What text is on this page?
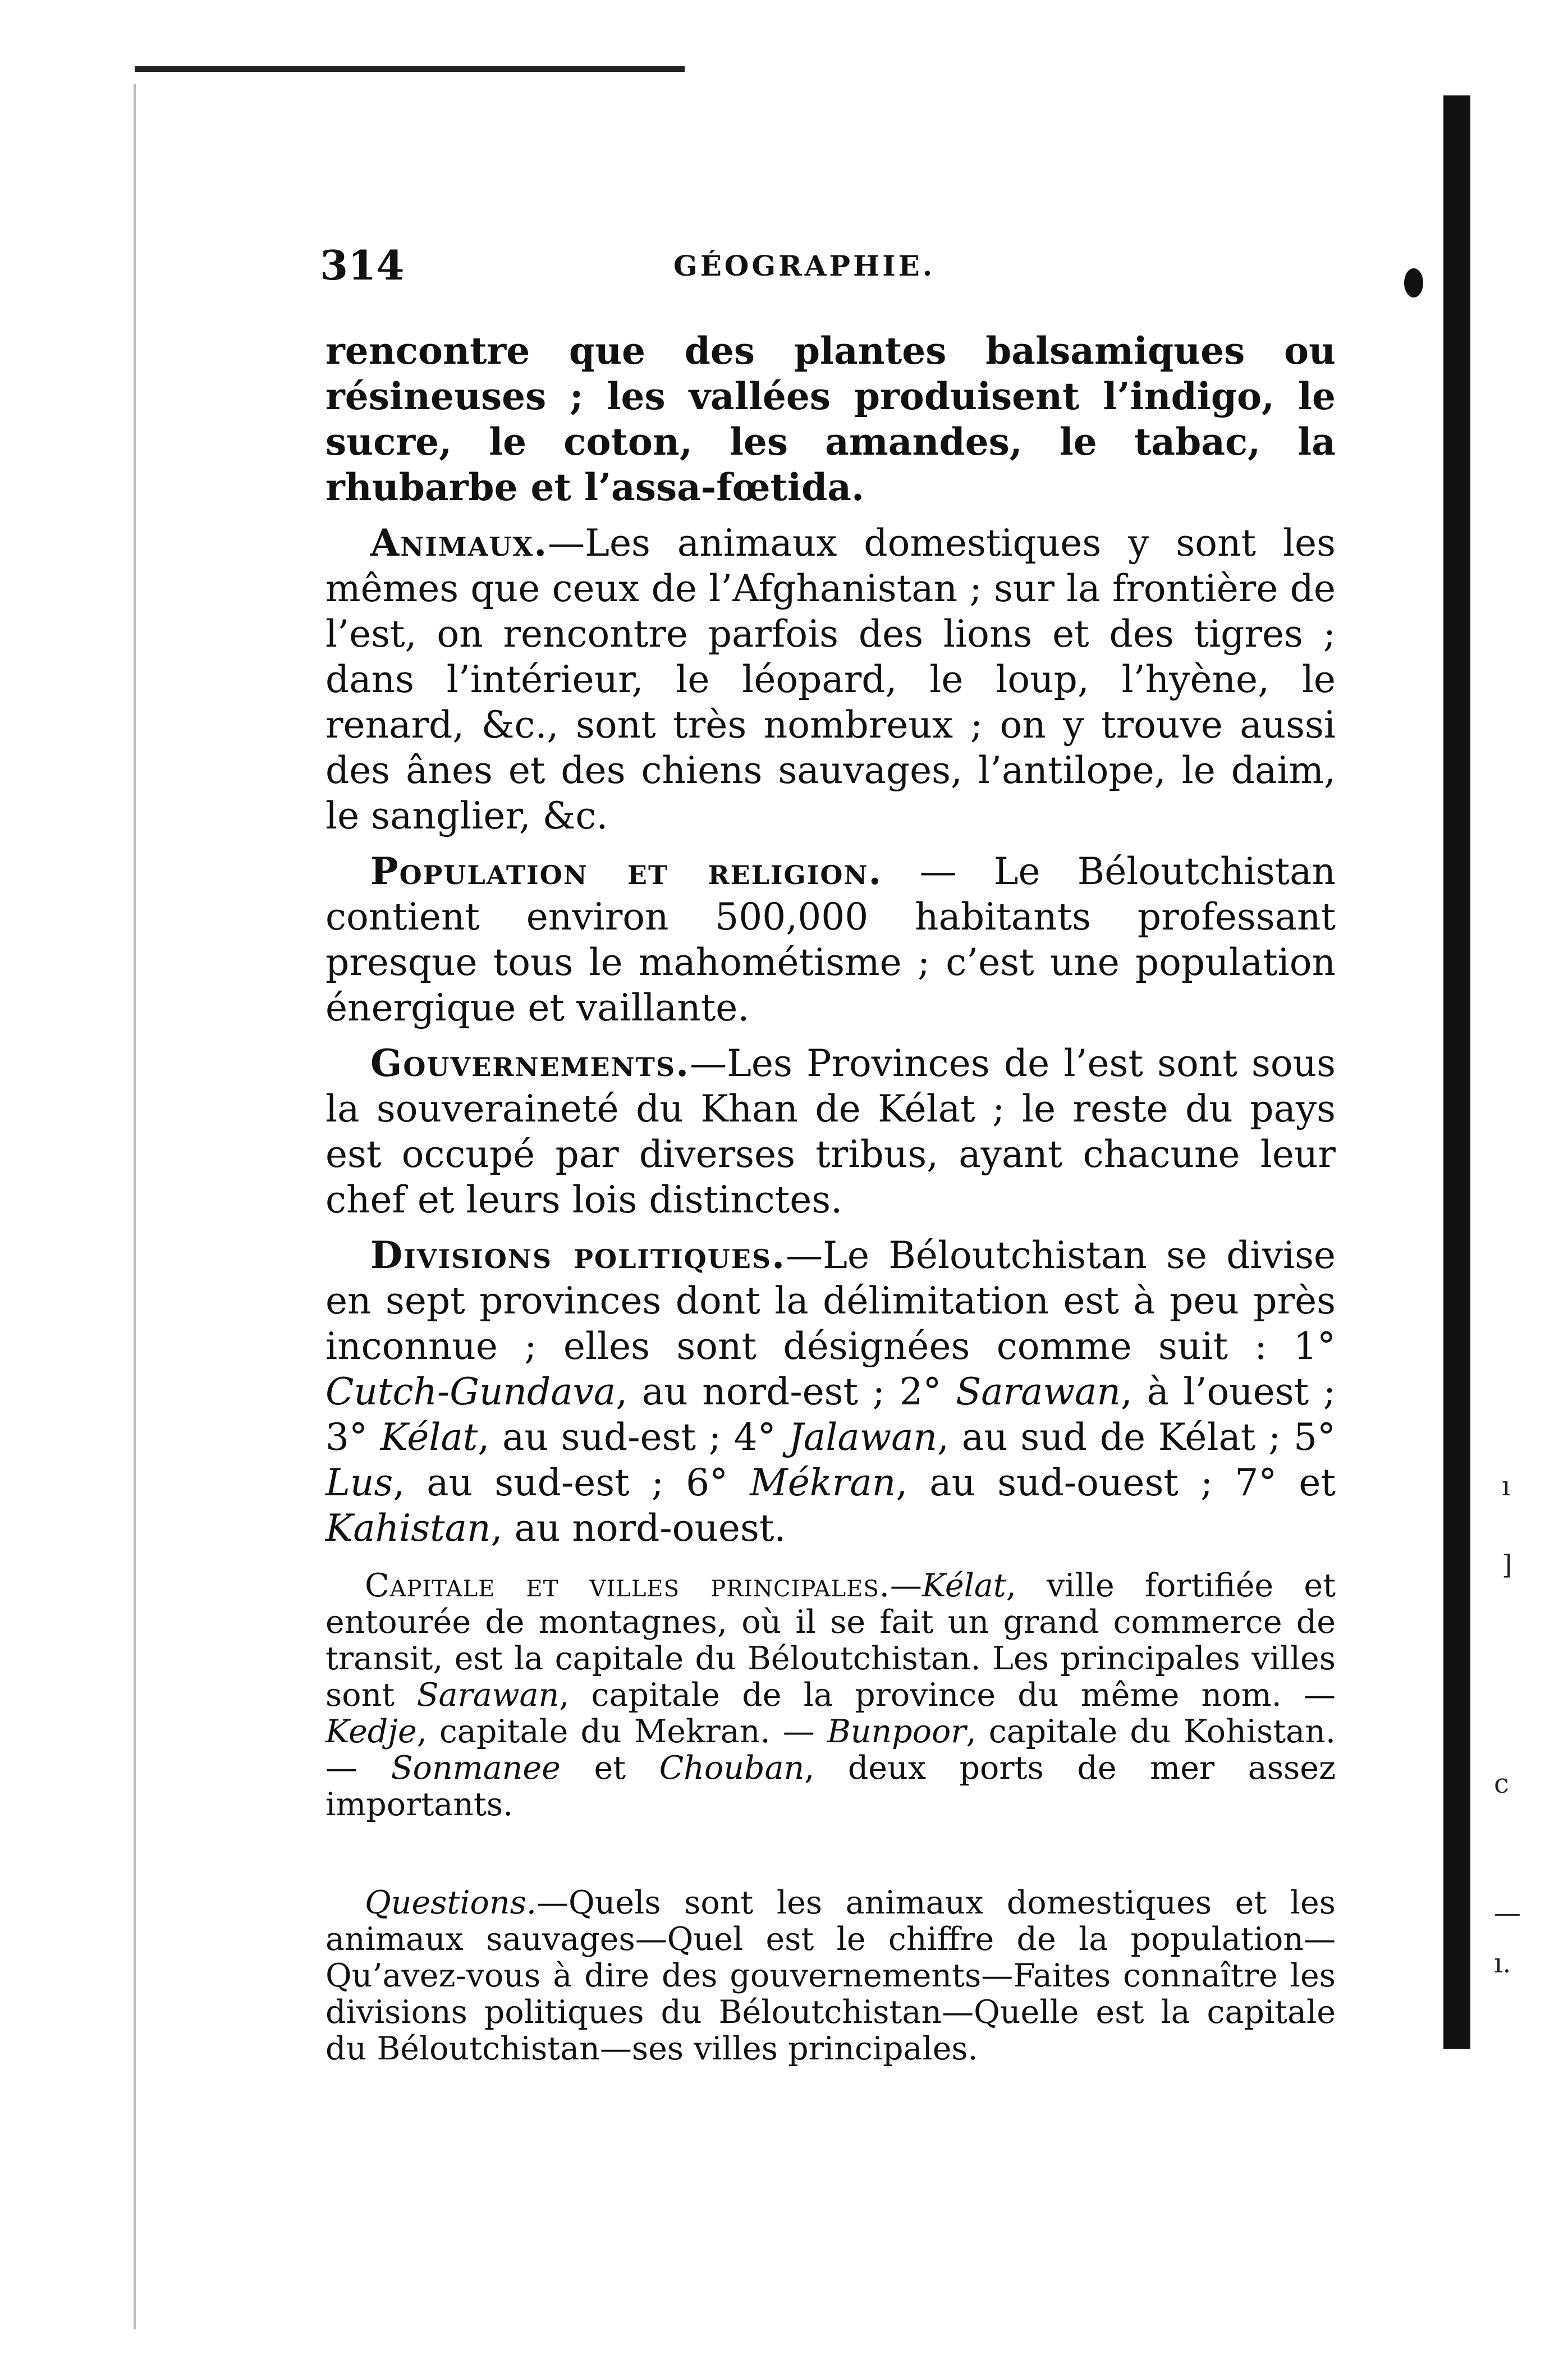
ı
]
c
—
ı.
314	GÉOGRAPHIE.

rencontre que des plantes balsamiques ou résineuses ; les vallées produisent l’indigo, le sucre, le coton, les amandes, le tabac, la rhubarbe et l’assa-fœtida.

Animaux.—Les animaux domestiques y sont les mêmes que ceux de l’Afghanistan ; sur la frontière de l’est, on rencontre parfois des lions et des tigres ; dans l’intérieur, le léopard, le loup, l’hyène, le renard, &c., sont très nombreux ; on y trouve aussi des ânes et des chiens sauvages, l’antilope, le daim, le sanglier, &c.

Population et religion. — Le Béloutchistan contient environ 500,000 habitants professant presque tous le mahométisme ; c’est une population énergique et vaillante.

Gouvernements.—Les Provinces de l’est sont sous la souveraineté du Khan de Kélat ; le reste du pays est occupé par diverses tribus, ayant chacune leur chef et leurs lois distinctes.

Divisions politiques.—Le Béloutchistan se divise en sept provinces dont la délimitation est à peu près inconnue ; elles sont désignées comme suit : 1° Cutch-Gundava, au nord-est ; 2° Sarawan, à l’ouest ; 3° Kélat, au sud-est ; 4° Jalawan, au sud de Kélat ; 5° Lus, au sud-est ; 6° Mékran, au sud-ouest ; 7° et Kahistan, au nord-ouest.

Capitale et villes principales.—Kélat, ville fortifiée et entourée de montagnes, où il se fait un grand commerce de transit, est la capitale du Béloutchistan. Les principales villes sont Sarawan, capitale de la province du même nom. — Kedje, capitale du Mekran. — Bunpoor, capitale du Kohistan.— Sonmanee et Chouban, deux ports de mer assez importants.

Questions.—Quels sont les animaux domestiques et les animaux sauvages—Quel est le chiffre de la population—Qu’avez-vous à dire des gouvernements—Faites connaître les divisions politiques du Béloutchistan—Quelle est la capitale du Béloutchistan—ses villes principales.
